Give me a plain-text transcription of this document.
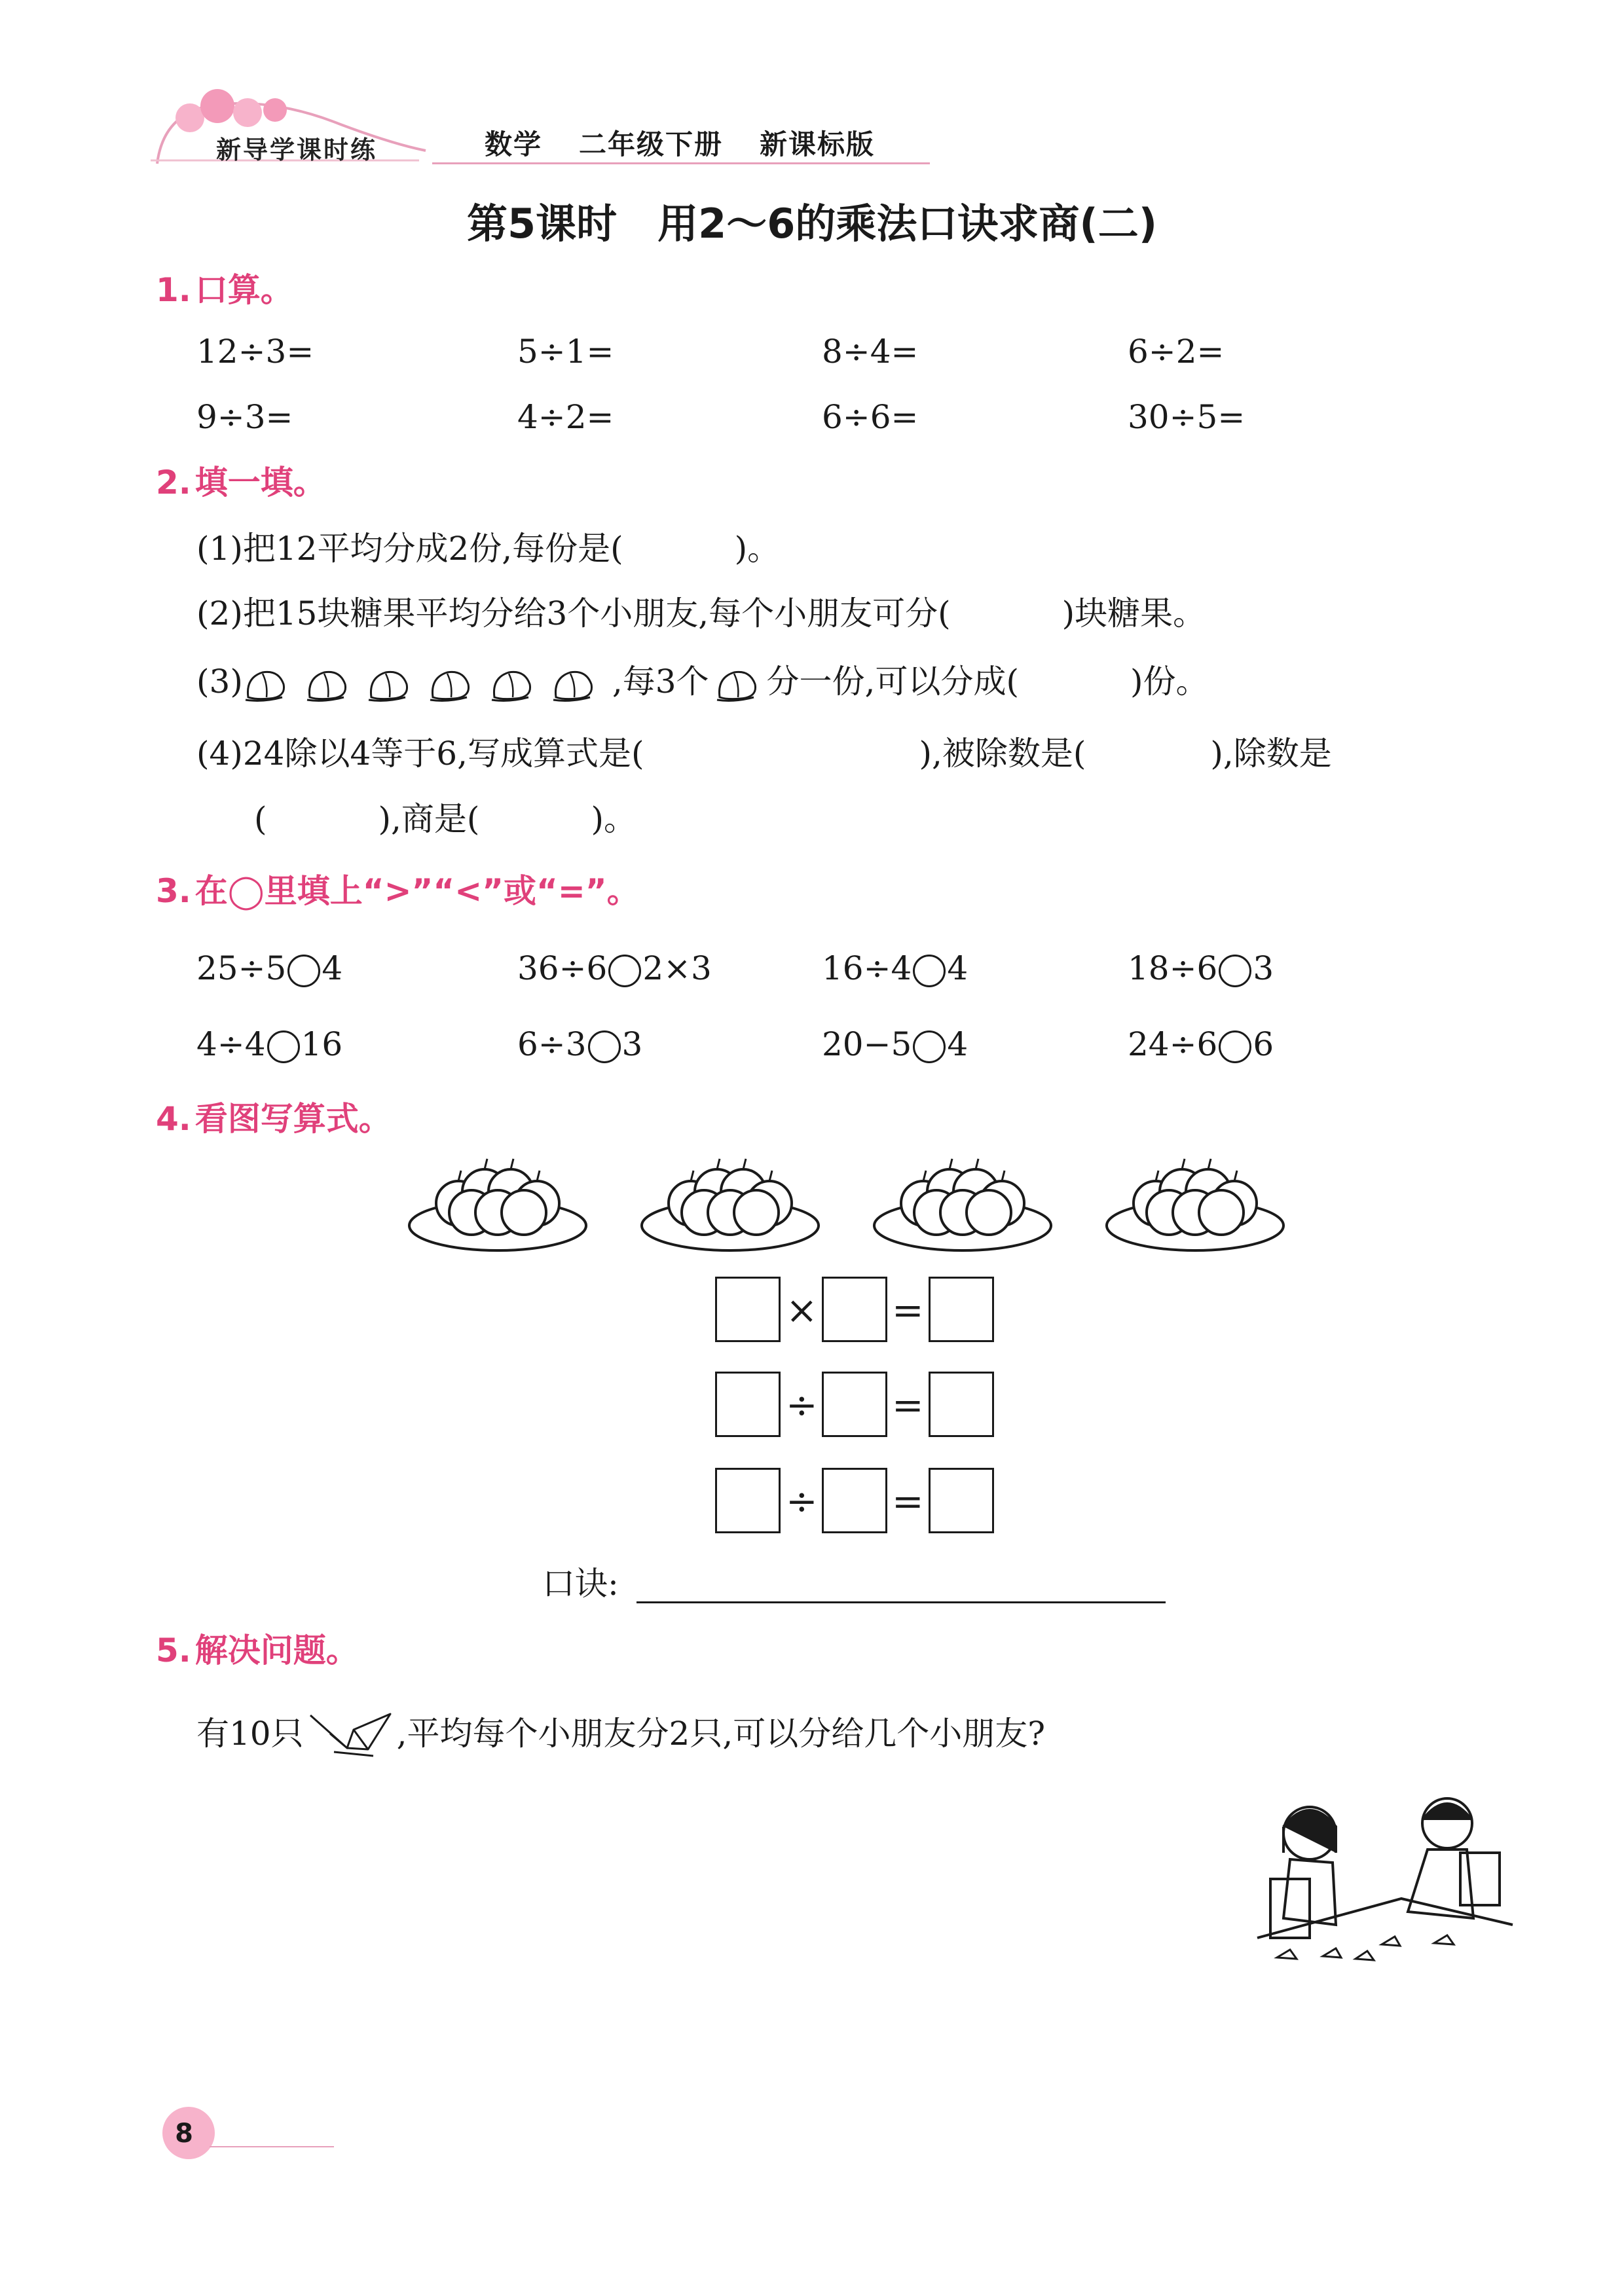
新导学课时练	数学 二年级下册 新课标版
第5课时　用2～6的乘法口诀求商(二)
1. 口算。
12÷3=	5÷1=	8÷4=	6÷2=
9÷3=	4÷2=	6÷6=	30÷5=
2. 填一填。
(1)把12平均分成2份,每份是(	)。
(2)把15块糖果平均分给3个小朋友,每个小朋友可分(	)块糖果。
(3)	,每3个 分一份,可以分成(	)份。
(4)24除以4等于6,写成算式是(	),被除数是(	),除数是
(	),商是(	)。
3. 在◯里填上“>”“<”或“=”。
25÷5 4	36÷6 2×3	16÷4 4	18÷6 3
4÷4 16	6÷3 3	20−5 4	24÷6 6
4. 看图写算式。
× =
÷ =
÷ =
口诀:
5. 解决问题。
有10只	,平均每个小朋友分2只,可以分给几个小朋友?
8
